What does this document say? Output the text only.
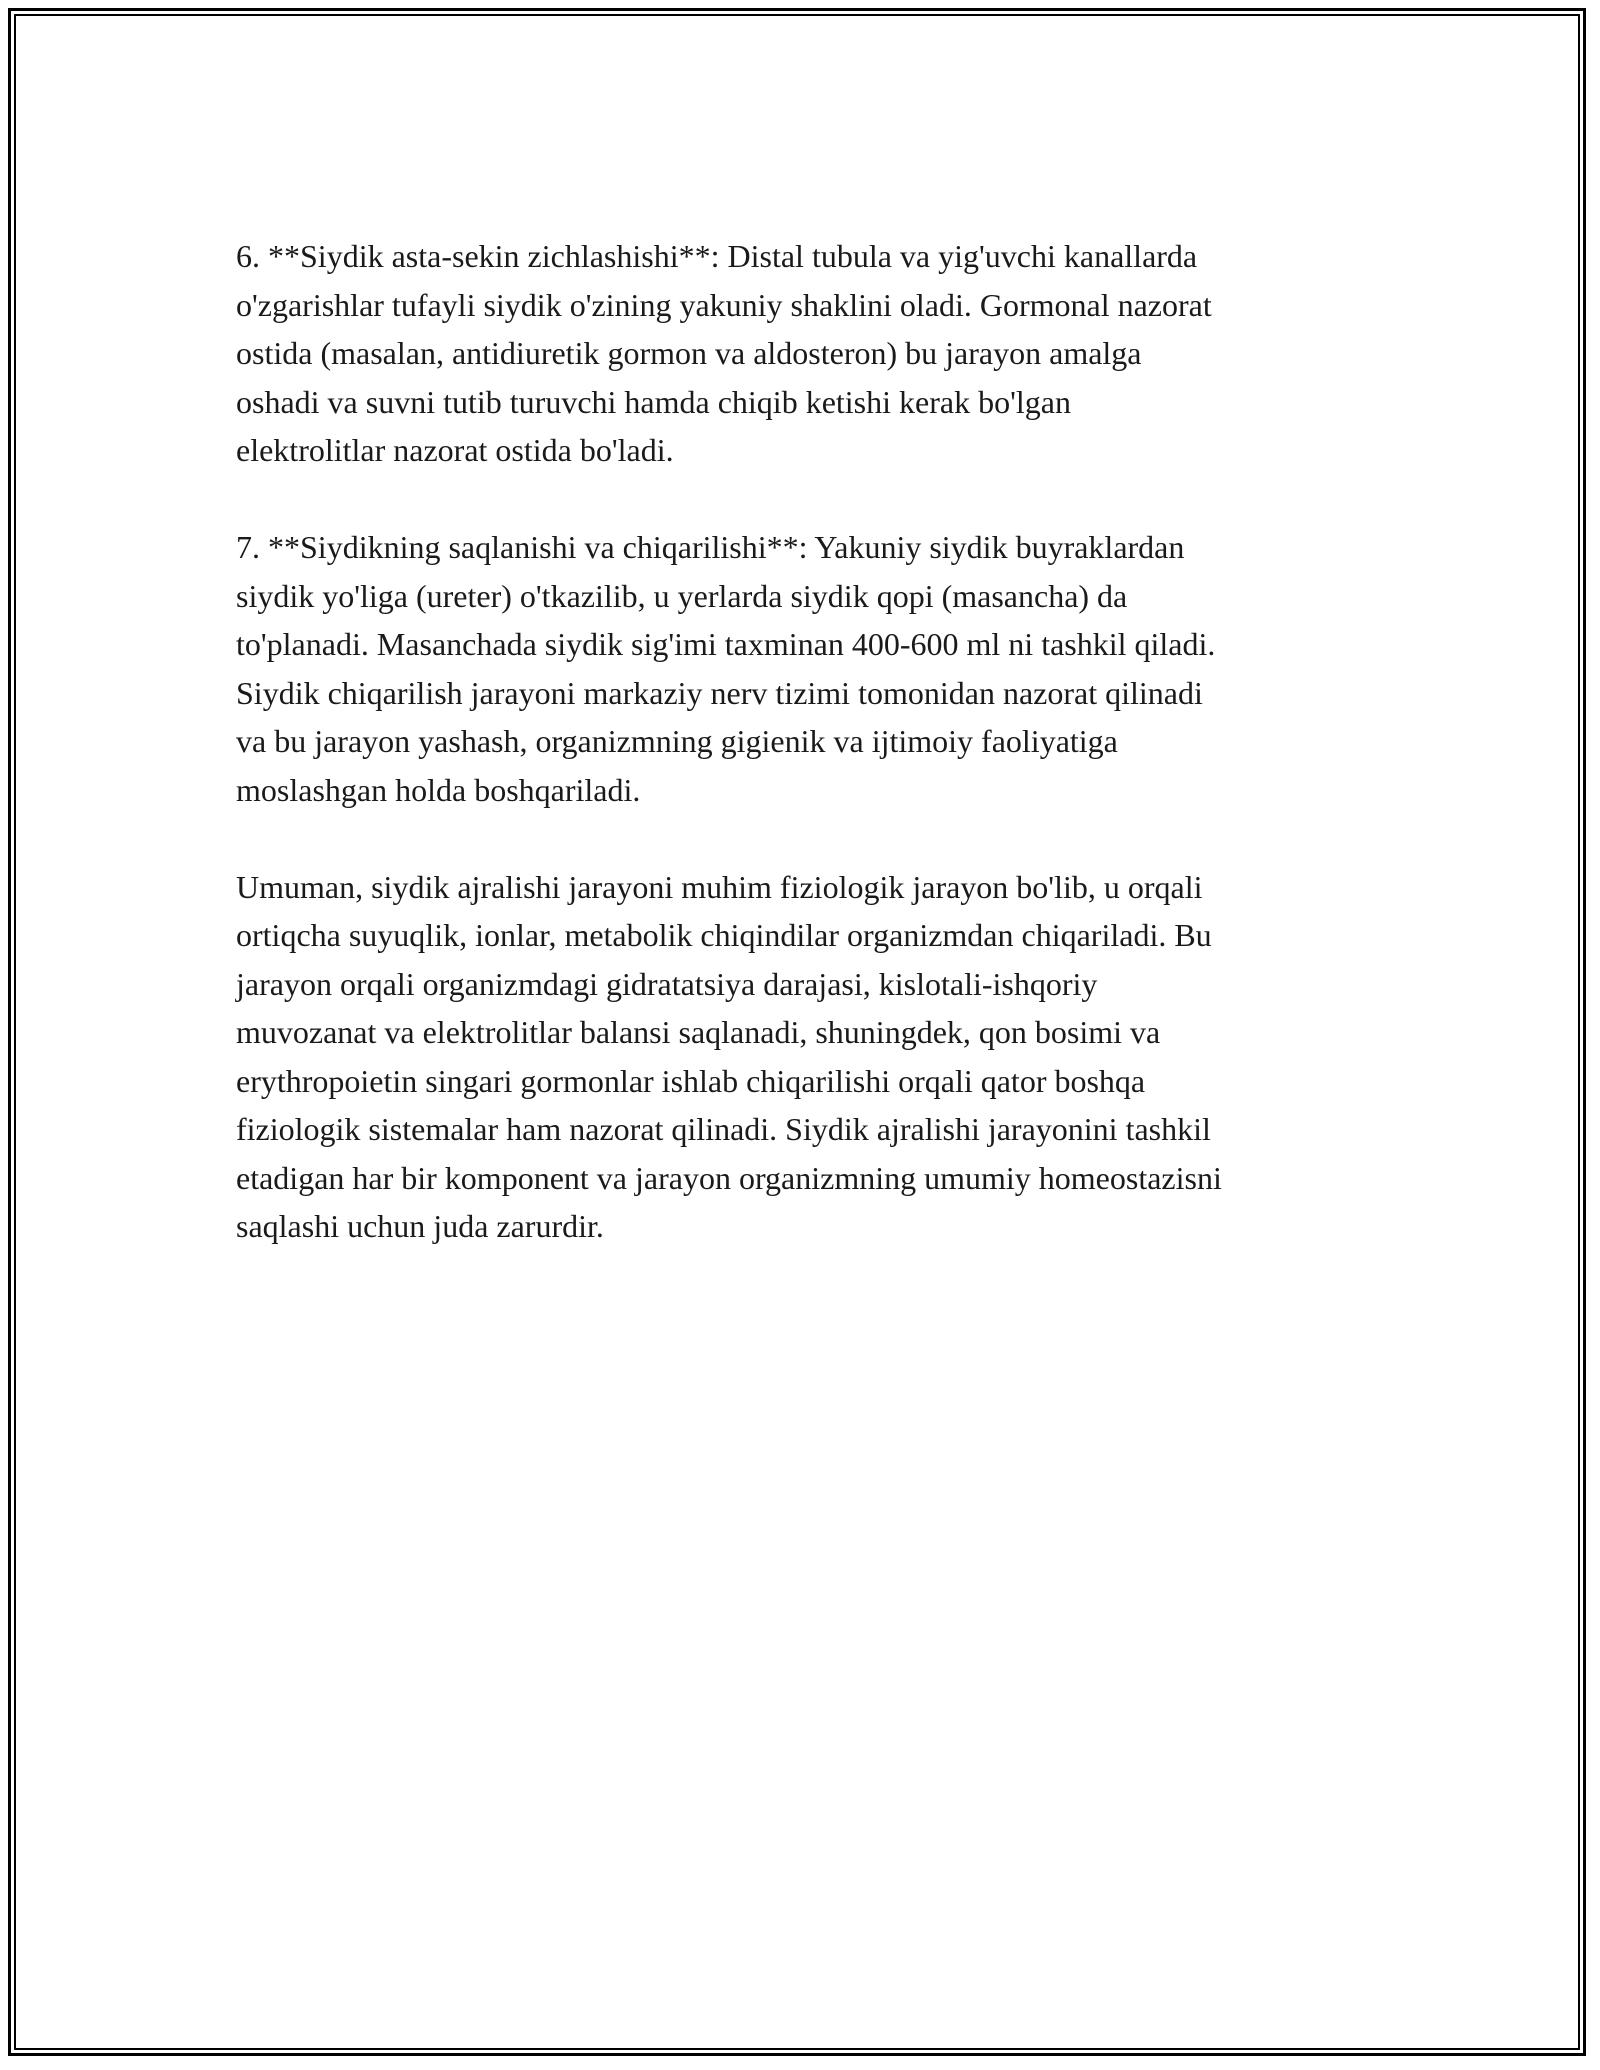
6. **Siydik asta-sekin zichlashishi**: Distal tubula va yig'uvchi kanallarda
o'zgarishlar tufayli siydik o'zining yakuniy shaklini oladi. Gormonal nazorat
ostida (masalan, antidiuretik gormon va aldosteron) bu jarayon amalga
oshadi va suvni tutib turuvchi hamda chiqib ketishi kerak bo'lgan
elektrolitlar nazorat ostida bo'ladi.

7. **Siydikning saqlanishi va chiqarilishi**: Yakuniy siydik buyraklardan
siydik yo'liga (ureter) o'tkazilib, u yerlarda siydik qopi (masancha) da
to'planadi. Masanchada siydik sig'imi taxminan 400-600 ml ni tashkil qiladi.
Siydik chiqarilish jarayoni markaziy nerv tizimi tomonidan nazorat qilinadi
va bu jarayon yashash, organizmning gigienik va ijtimoiy faoliyatiga
moslashgan holda boshqariladi.

Umuman, siydik ajralishi jarayoni muhim fiziologik jarayon bo'lib, u orqali
ortiqcha suyuqlik, ionlar, metabolik chiqindilar organizmdan chiqariladi. Bu
jarayon orqali organizmdagi gidratatsiya darajasi, kislotali-ishqoriy
muvozanat va elektrolitlar balansi saqlanadi, shuningdek, qon bosimi va
erythropoietin singari gormonlar ishlab chiqarilishi orqali qator boshqa
fiziologik sistemalar ham nazorat qilinadi. Siydik ajralishi jarayonini tashkil
etadigan har bir komponent va jarayon organizmning umumiy homeostazisni
saqlashi uchun juda zarurdir.
